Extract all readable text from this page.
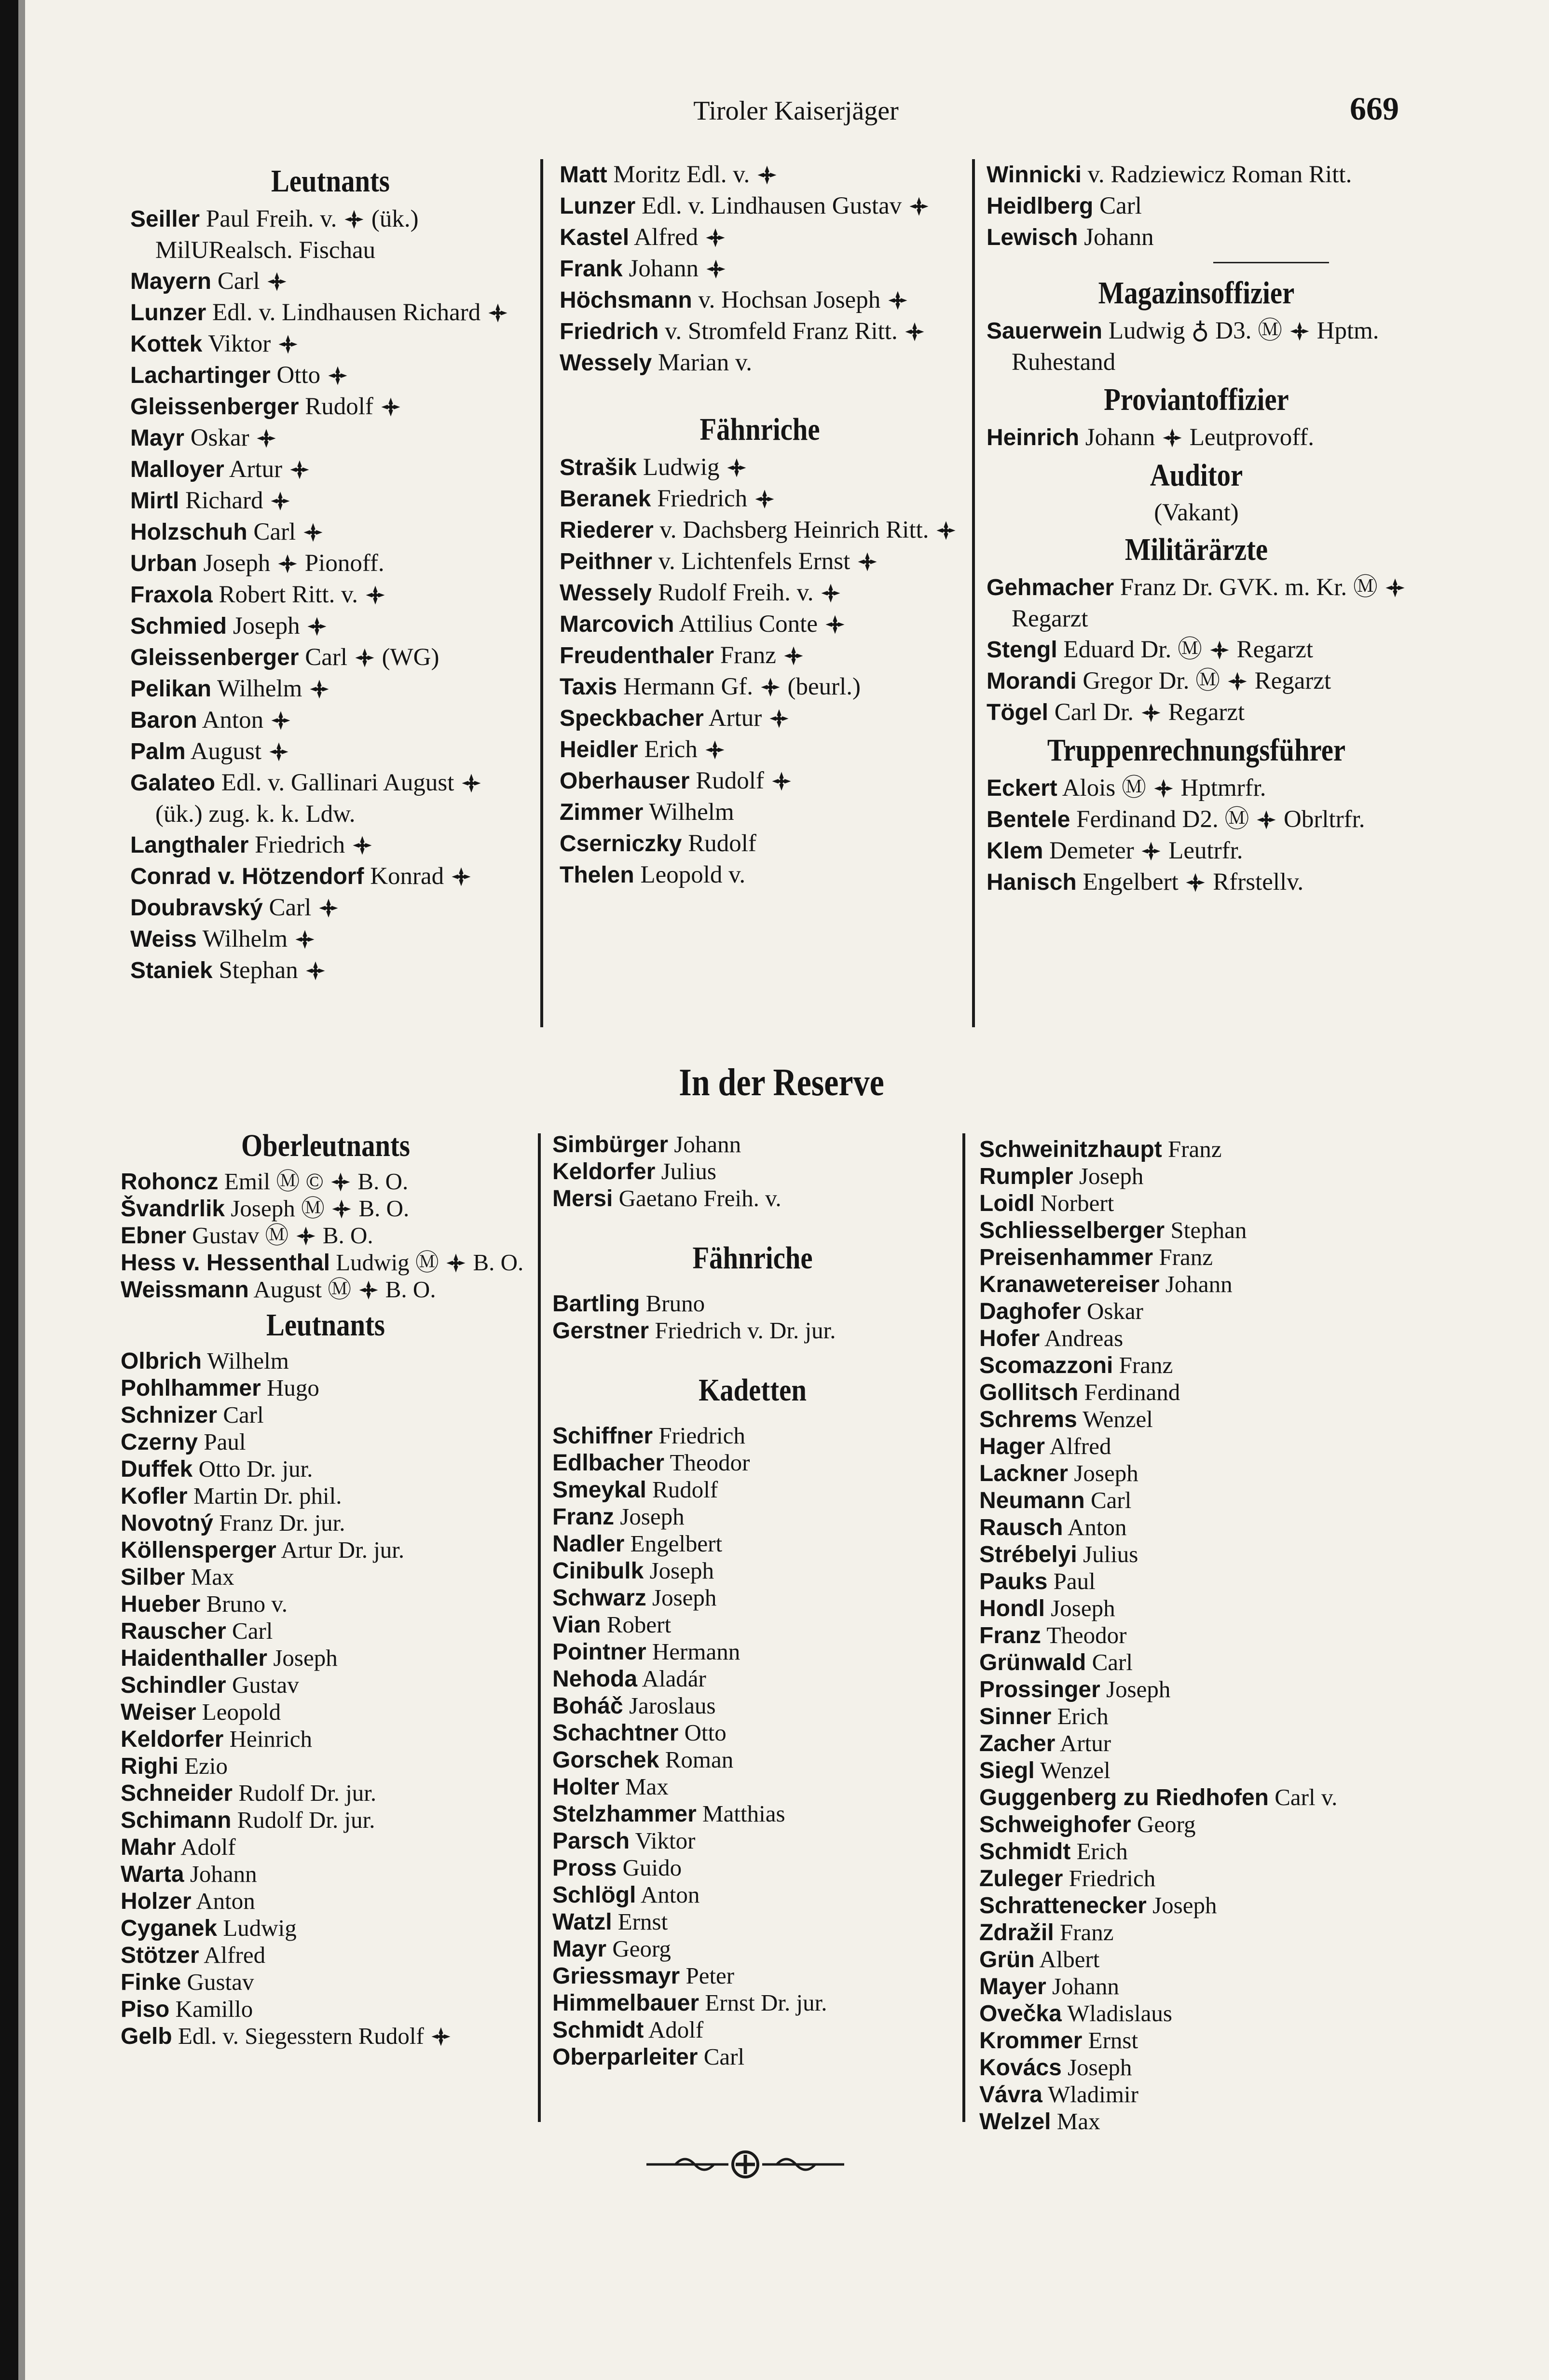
Tiroler Kaiserjäger	669
Leutnants
Seiller Paul Freih. v.  (ük.) MilURealsch. Fischau
Mayern Carl
Lunzer Edl. v. Lindhausen Richard
Kottek Viktor
Lachartinger Otto
Gleissenberger Rudolf
Mayr Oskar
Malloyer Artur
Mirtl Richard
Holzschuh Carl
Urban Joseph  Pionoff.
Fraxola Robert Ritt. v.
Schmied Joseph
Gleissenberger Carl  (WG)
Pelikan Wilhelm
Baron Anton
Palm August
Galateo Edl. v. Gallinari August  (ük.) zug. k. k. Ldw.
Langthaler Friedrich
Conrad v. Hötzendorf Konrad
Doubravský Carl
Weiss Wilhelm
Staniek Stephan
Matt Moritz Edl. v.
Lunzer Edl. v. Lindhausen Gustav
Kastel Alfred
Frank Johann
Höchsmann v. Hochsan Joseph
Friedrich v. Stromfeld Franz Ritt.
Wessely Marian v.
Fähnriche
Strašik Ludwig
Beranek Friedrich
Riederer v. Dachsberg Heinrich Ritt.
Peithner v. Lichtenfels Ernst
Wessely Rudolf Freih. v.
Marcovich Attilius Conte
Freudenthaler Franz
Taxis Hermann Gf.  (beurl.)
Speckbacher Artur
Heidler Erich
Oberhauser Rudolf
Zimmer Wilhelm
Cserniczky Rudolf
Thelen Leopold v.
Winnicki v. Radziewicz Roman Ritt.
Heidlberg Carl
Lewisch Johann
Magazinsoffizier
Sauerwein Ludwig ♁ D3. Ⓜ  Hptm. Ruhestand
Proviantoffizier
Heinrich Johann  Leutprovoff.
Auditor
(Vakant)
Militärärzte
Gehmacher Franz Dr. GVK. m. Kr. Ⓜ  Regarzt
Stengl Eduard Dr. Ⓜ  Regarzt
Morandi Gregor Dr. Ⓜ  Regarzt
Tögel Carl Dr.  Regarzt
Truppenrechnungsführer
Eckert Alois Ⓜ  Hptmrfr.
Bentele Ferdinand D2. Ⓜ  Obrltrfr.
Klem Demeter  Leutrfr.
Hanisch Engelbert  Rfrstellv.
In der Reserve
Oberleutnants
Rohoncz Emil Ⓜ ©  B. O.
Švandrlik Joseph Ⓜ  B. O.
Ebner Gustav Ⓜ  B. O.
Hess v. Hessenthal Ludwig Ⓜ  B. O.
Weissmann August Ⓜ  B. O.
Leutnants
Olbrich Wilhelm
Pohlhammer Hugo
Schnizer Carl
Czerny Paul
Duffek Otto Dr. jur.
Kofler Martin Dr. phil.
Novotný Franz Dr. jur.
Köllensperger Artur Dr. jur.
Silber Max
Hueber Bruno v.
Rauscher Carl
Haidenthaller Joseph
Schindler Gustav
Weiser Leopold
Keldorfer Heinrich
Righi Ezio
Schneider Rudolf Dr. jur.
Schimann Rudolf Dr. jur.
Mahr Adolf
Warta Johann
Holzer Anton
Cyganek Ludwig
Stötzer Alfred
Finke Gustav
Piso Kamillo
Gelb Edl. v. Siegesstern Rudolf
Simbürger Johann
Keldorfer Julius
Mersi Gaetano Freih. v.
Fähnriche
Bartling Bruno
Gerstner Friedrich v. Dr. jur.
Kadetten
Schiffner Friedrich
Edlbacher Theodor
Smeykal Rudolf
Franz Joseph
Nadler Engelbert
Cinibulk Joseph
Schwarz Joseph
Vian Robert
Pointner Hermann
Nehoda Aladár
Boháč Jaroslaus
Schachtner Otto
Gorschek Roman
Holter Max
Stelzhammer Matthias
Parsch Viktor
Pross Guido
Schlögl Anton
Watzl Ernst
Mayr Georg
Griessmayr Peter
Himmelbauer Ernst Dr. jur.
Schmidt Adolf
Oberparleiter Carl
Schweinitzhaupt Franz
Rumpler Joseph
Loidl Norbert
Schliesselberger Stephan
Preisenhammer Franz
Kranawetereiser Johann
Daghofer Oskar
Hofer Andreas
Scomazzoni Franz
Gollitsch Ferdinand
Schrems Wenzel
Hager Alfred
Lackner Joseph
Neumann Carl
Rausch Anton
Strébelyi Julius
Pauks Paul
Hondl Joseph
Franz Theodor
Grünwald Carl
Prossinger Joseph
Sinner Erich
Zacher Artur
Siegl Wenzel
Guggenberg zu Riedhofen Carl v.
Schweighofer Georg
Schmidt Erich
Zuleger Friedrich
Schrattenecker Joseph
Zdražil Franz
Grün Albert
Mayer Johann
Ovečka Wladislaus
Krommer Ernst
Kovács Joseph
Vávra Wladimir
Welzel Max
